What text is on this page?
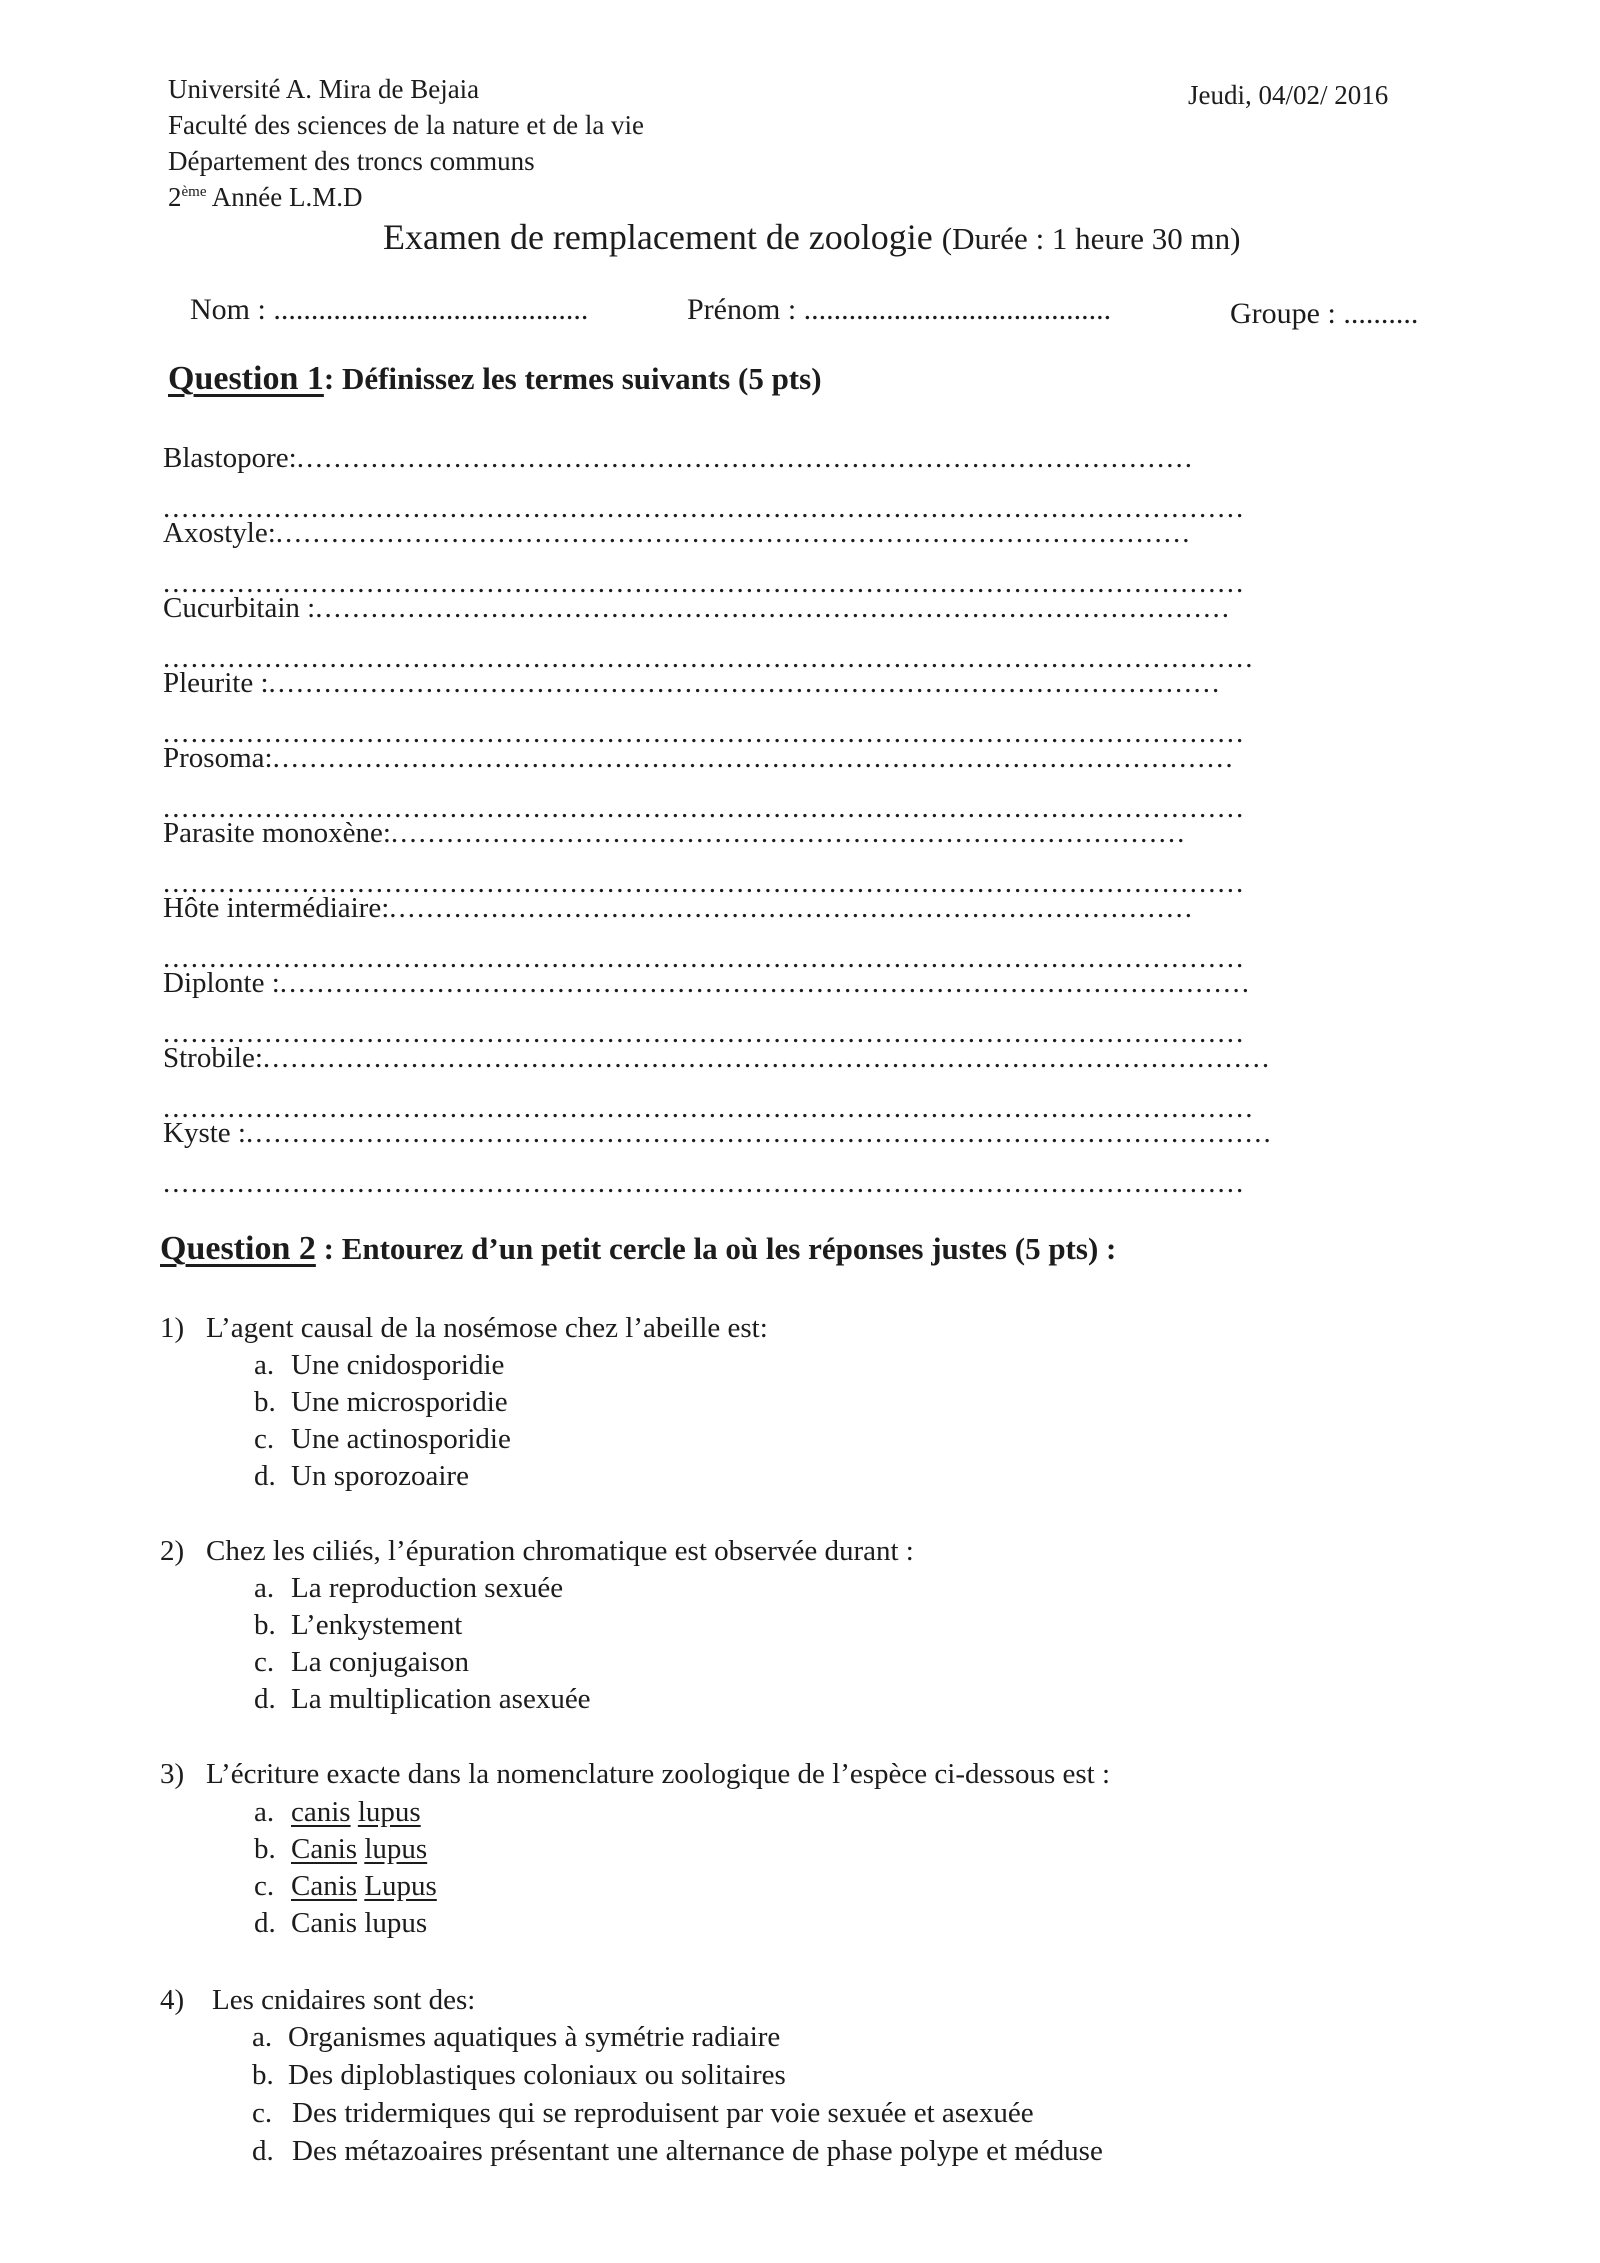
Université A. Mira de Bejaia
Faculté des sciences de la nature et de la vie
Département des troncs communs
2ème Année L.M.D
Jeudi, 04/02/ 2016
Examen de remplacement de zoologie (Durée : 1 heure 30 mn)
Nom : ..........................................	Prénom : .........................................	Groupe : ..........
Question 1: Définissez les termes suivants (5 pts)
Blastopore:.................................................................................................
.....................................................................................................................
Axostyle:...................................................................................................
.....................................................................................................................
Cucurbitain :...................................................................................................
......................................................................................................................
Pleurite :.......................................................................................................
.....................................................................................................................
Prosoma:........................................................................................................
.....................................................................................................................
Parasite monoxène:......................................................................................
.....................................................................................................................
Hôte intermédiaire:.......................................................................................
.....................................................................................................................
Diplonte :.........................................................................................................
.....................................................................................................................
Strobile:.............................................................................................................
......................................................................................................................
Kyste :...............................................................................................................
.....................................................................................................................
Question 2 : Entourez d’un petit cercle la où les réponses justes (5 pts) :
1) L’agent causal de la nosémose chez l’abeille est:
a. Une cnidosporidie
b. Une microsporidie
c. Une actinosporidie
d. Un sporozoaire
2) Chez les ciliés, l’épuration chromatique est observée durant :
a. La reproduction sexuée
b. L’enkystement
c. La conjugaison
d. La multiplication asexuée
3) L’écriture exacte dans la nomenclature zoologique de l’espèce ci-dessous est :
a. canis lupus
b. Canis lupus
c. Canis Lupus
d. Canis lupus
4) Les cnidaires sont des:
a. Organismes aquatiques à symétrie radiaire
b. Des diploblastiques coloniaux ou solitaires
c. Des tridermiques qui se reproduisent par voie sexuée et asexuée
d. Des métazoaires présentant une alternance de phase polype et méduse
